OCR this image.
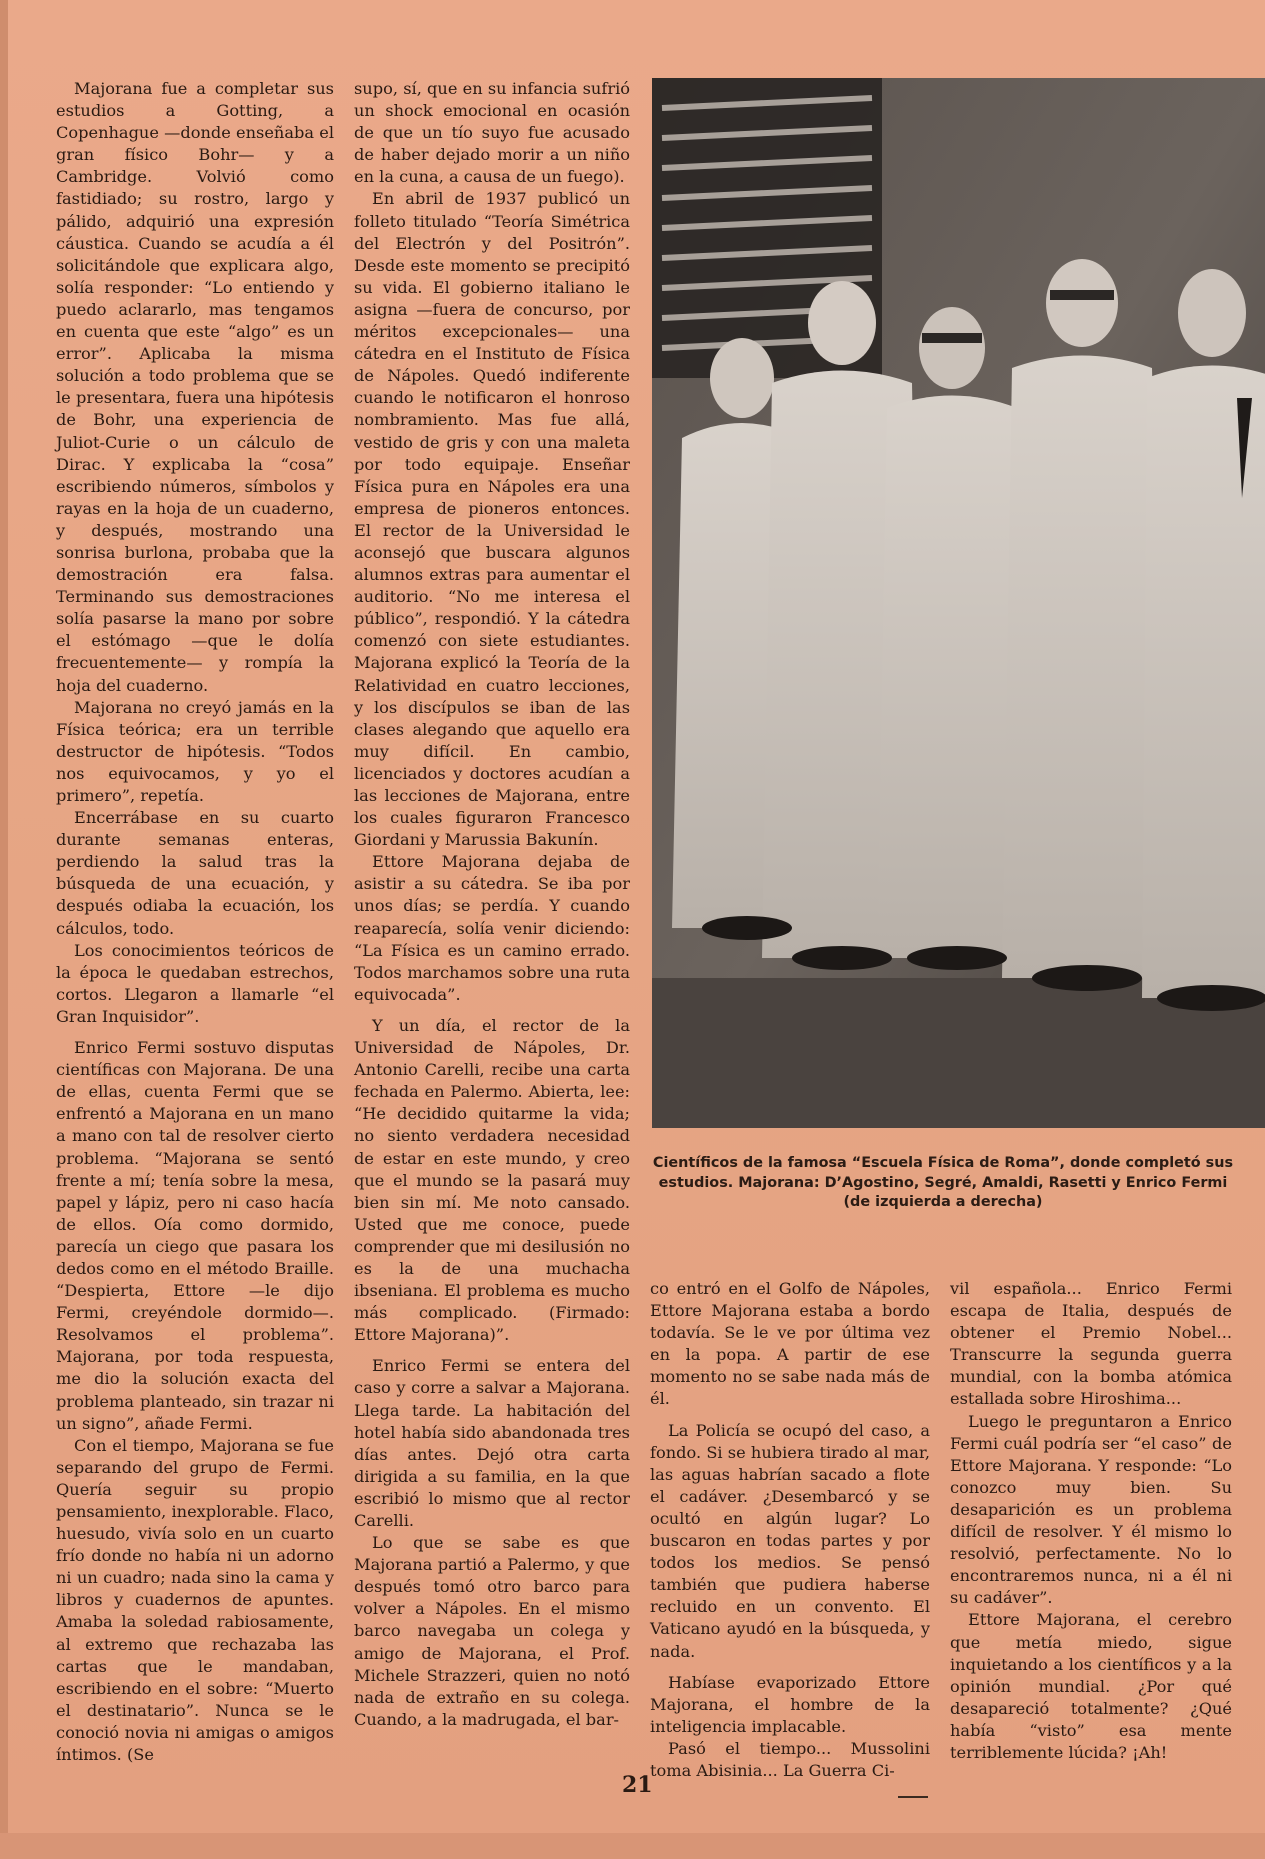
Majorana fue a completar sus estudios a Gotting, a Copenhague —donde enseñaba el gran físico Bohr— y a Cambridge. Volvió como fastidiado; su rostro, largo y pálido, adquirió una expresión cáustica. Cuando se acudía a él solicitándole que explicara algo, solía responder: “Lo entiendo y puedo aclararlo, mas tengamos en cuenta que este “algo” es un error”. Aplicaba la misma solución a todo problema que se le presentara, fuera una hipótesis de Bohr, una experiencia de Juliot-Curie o un cálculo de Dirac. Y explicaba la “cosa” escribiendo números, símbolos y rayas en la hoja de un cuaderno, y después, mostrando una sonrisa burlona, probaba que la demostración era falsa. Terminando sus demostraciones solía pasarse la mano por sobre el estómago —que le dolía frecuentemente— y rompía la hoja del cuaderno.

Majorana no creyó jamás en la Física teórica; era un terrible destructor de hipótesis. “Todos nos equivocamos, y yo el primero”, repetía.

Encerrábase en su cuarto durante semanas enteras, perdiendo la salud tras la búsqueda de una ecuación, y después odiaba la ecuación, los cálculos, todo.

Los conocimientos teóricos de la época le quedaban estrechos, cortos. Llegaron a llamarle “el Gran Inquisidor”.

Enrico Fermi sostuvo disputas científicas con Majorana. De una de ellas, cuenta Fermi que se enfrentó a Majorana en un mano a mano con tal de resolver cierto problema. “Majorana se sentó frente a mí; tenía sobre la mesa, papel y lápiz, pero ni caso hacía de ellos. Oía como dormido, parecía un ciego que pasara los dedos como en el método Braille. “Despierta, Ettore —le dijo Fermi, creyéndole dormido—. Resolvamos el problema”. Majorana, por toda respuesta, me dio la solución exacta del problema planteado, sin trazar ni un signo”, añade Fermi.

Con el tiempo, Majorana se fue separando del grupo de Fermi. Quería seguir su propio pensamiento, inexplorable. Flaco, huesudo, vivía solo en un cuarto frío donde no había ni un adorno ni un cuadro; nada sino la cama y libros y cuadernos de apuntes. Amaba la soledad rabiosamente, al extremo que rechazaba las cartas que le mandaban, escribiendo en el sobre: “Muerto el destinatario”. Nunca se le conoció novia ni amigas o amigos íntimos. (Se

supo, sí, que en su infancia sufrió un shock emocional en ocasión de que un tío suyo fue acusado de haber dejado morir a un niño en la cuna, a causa de un fuego).

En abril de 1937 publicó un folleto titulado “Teoría Simétrica del Electrón y del Positrón”. Desde este momento se precipitó su vida. El gobierno italiano le asigna —fuera de concurso, por méritos excepcionales— una cátedra en el Instituto de Física de Nápoles. Quedó indiferente cuando le notificaron el honroso nombramiento. Mas fue allá, vestido de gris y con una maleta por todo equipaje. Enseñar Física pura en Nápoles era una empresa de pioneros entonces. El rector de la Universidad le aconsejó que buscara algunos alumnos extras para aumentar el auditorio. “No me interesa el público”, respondió. Y la cátedra comenzó con siete estudiantes. Majorana explicó la Teoría de la Relatividad en cuatro lecciones, y los discípulos se iban de las clases alegando que aquello era muy difícil. En cambio, licenciados y doctores acudían a las lecciones de Majorana, entre los cuales figuraron Francesco Giordani y Marussia Bakunín.

Ettore Majorana dejaba de asistir a su cátedra. Se iba por unos días; se perdía. Y cuando reaparecía, solía venir diciendo: “La Física es un camino errado. Todos marchamos sobre una ruta equivocada”.

Y un día, el rector de la Universidad de Nápoles, Dr. Antonio Carelli, recibe una carta fechada en Palermo. Abierta, lee: “He decidido quitarme la vida; no siento verdadera necesidad de estar en este mundo, y creo que el mundo se la pasará muy bien sin mí. Me noto cansado. Usted que me conoce, puede comprender que mi desilusión no es la de una muchacha ibseniana. El problema es mucho más complicado. (Firmado: Ettore Majorana)”.

Enrico Fermi se entera del caso y corre a salvar a Majorana. Llega tarde. La habitación del hotel había sido abandonada tres días antes. Dejó otra carta dirigida a su familia, en la que escribió lo mismo que al rector Carelli.

Lo que se sabe es que Majorana partió a Palermo, y que después tomó otro barco para volver a Nápoles. En el mismo barco navegaba un colega y amigo de Majorana, el Prof. Michele Strazzeri, quien no notó nada de extraño en su colega. Cuando, a la madrugada, el bar-

Científicos de la famosa “Escuela Física de Roma”, donde completó sus estudios. Majorana: D’Agostino, Segré, Amaldi, Rasetti y Enrico Fermi (de izquierda a derecha)

co entró en el Golfo de Nápoles, Ettore Majorana estaba a bordo todavía. Se le ve por última vez en la popa. A partir de ese momento no se sabe nada más de él.

La Policía se ocupó del caso, a fondo. Si se hubiera tirado al mar, las aguas habrían sacado a flote el cadáver. ¿Desembarcó y se ocultó en algún lugar? Lo buscaron en todas partes y por todos los medios. Se pensó también que pudiera haberse recluido en un convento. El Vaticano ayudó en la búsqueda, y nada.

Habíase evaporizado Ettore Majorana, el hombre de la inteligencia implacable.

Pasó el tiempo... Mussolini toma Abisinia... La Guerra Ci-

vil española... Enrico Fermi escapa de Italia, después de obtener el Premio Nobel... Transcurre la segunda guerra mundial, con la bomba atómica estallada sobre Hiroshima...

Luego le preguntaron a Enrico Fermi cuál podría ser “el caso” de Ettore Majorana. Y responde: “Lo conozco muy bien. Su desaparición es un problema difícil de resolver. Y él mismo lo resolvió, perfectamente. No lo encontraremos nunca, ni a él ni su cadáver”.

Ettore Majorana, el cerebro que metía miedo, sigue inquietando a los científicos y a la opinión mundial. ¿Por qué desapareció totalmente? ¿Qué había “visto” esa mente terriblemente lúcida? ¡Ah!

21
